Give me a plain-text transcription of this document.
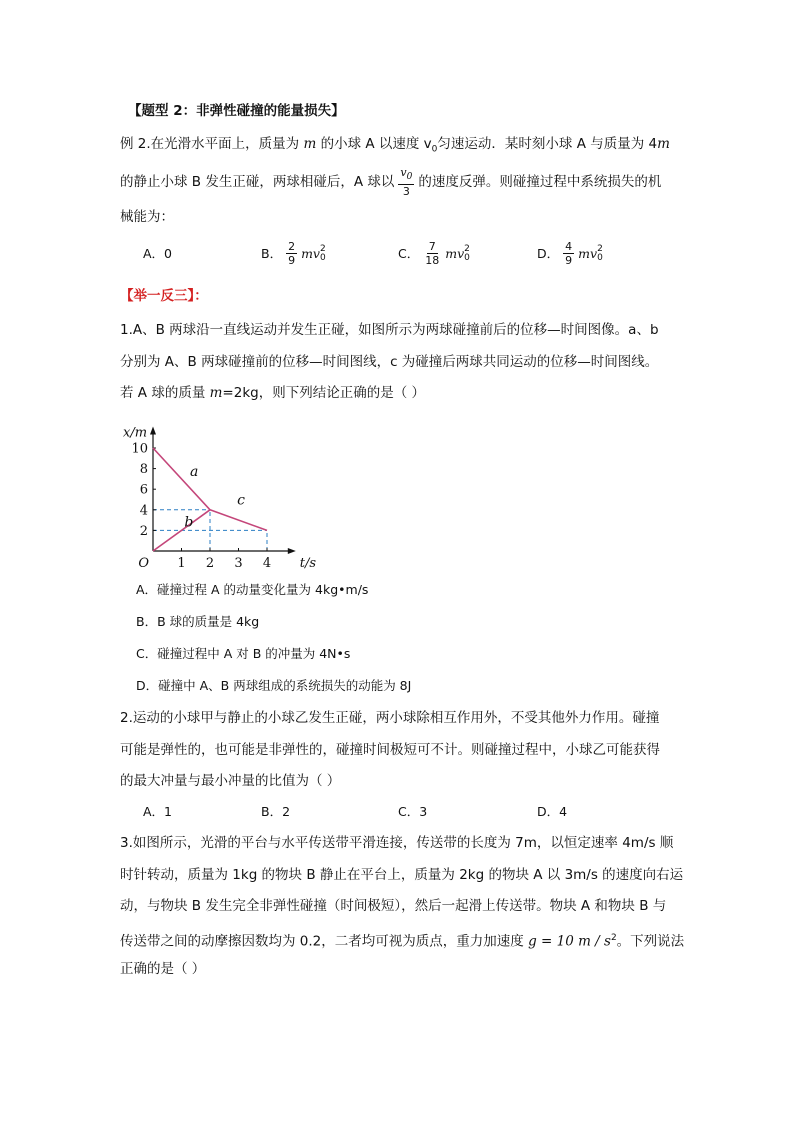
【题型 2：非弹性碰撞的能量损失】
例 2.在光滑水平面上，质量为 m 的小球 A 以速度 $v_0$匀速运动．某时刻小球 A 与质量为 4m
的静止小球 B 发生正碰，两球相碰后，A 球以 $\frac{v_0}{3}$ 的速度反弹。则碰撞过程中系统损失的机
械能为：
A．0	B． $\frac{2}{9}$ mv 2
0	C． $\frac{7}{18}$ mv 2
0	D． $\frac{4}{9}$ mv 2
0
【举一反三】：
1.A、B 两球沿一直线运动并发生正碰，如图所示为两球碰撞前后的位移—时间图像。a、b
分别为 A、B 两球碰撞前的位移—时间图线，c 为碰撞后两球共同运动的位移—时间图线。
若 A 球的质量 m=2kg，则下列结论正确的是（ ）
1 2 3 4
2
4
6
8
10
O	t/s
x/m
a
b
c
A．碰撞过程 A 的动量变化量为 4kg•m/s
B．B 球的质量是 4kg
C．碰撞过程中 A 对 B 的冲量为 4N•s
D．碰撞中 A、B 两球组成的系统损失的动能为 8J
2.运动的小球甲与静止的小球乙发生正碰，两小球除相互作用外，不受其他外力作用。碰撞
可能是弹性的，也可能是非弹性的，碰撞时间极短可不计。则碰撞过程中，小球乙可能获得
的最大冲量与最小冲量的比值为（ ）
A．1	B．2	C．3	D．4
3.如图所示，光滑的平台与水平传送带平滑连接，传送带的长度为 7m，以恒定速率 4m/s 顺
时针转动，质量为 1kg 的物块 B 静止在平台上，质量为 2kg 的物块 A 以 3m/s 的速度向右运
动，与物块 B 发生完全非弹性碰撞（时间极短），然后一起滑上传送带。物块 A 和物块 B 与
传送带之间的动摩擦因数均为 0.2，二者均可视为质点，重力加速度 g = 10 m / $s^2$。下列说法
正确的是（ ）
